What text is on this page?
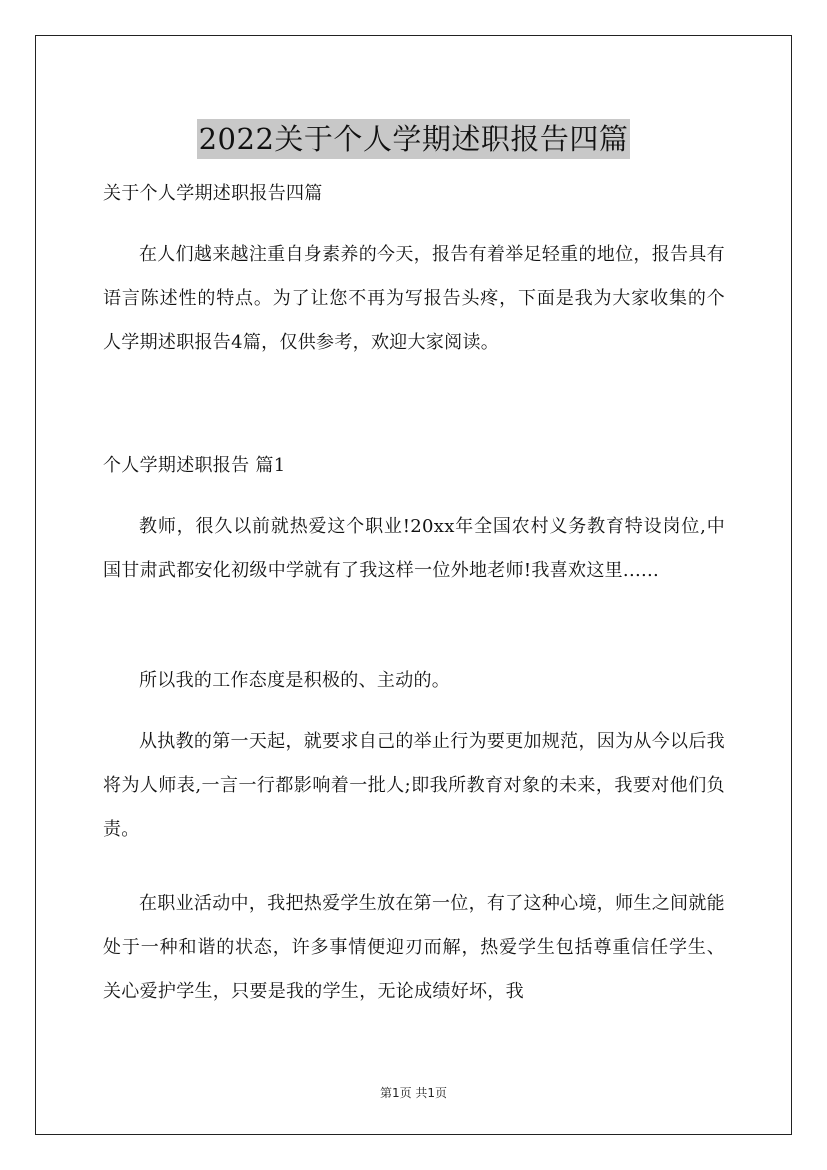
2022关于个人学期述职报告四篇
关于个人学期述职报告四篇

在人们越来越注重自身素养的今天，报告有着举足轻重的地位，报告具有语言陈述性的特点。为了让您不再为写报告头疼，下面是我为大家收集的个人学期述职报告4篇，仅供参考，欢迎大家阅读。

个人学期述职报告 篇1

教师，很久以前就热爱这个职业!20xx年全国农村义务教育特设岗位,中国甘肃武都安化初级中学就有了我这样一位外地老师!我喜欢这里......

所以我的工作态度是积极的、主动的。

从执教的第一天起，就要求自己的举止行为要更加规范，因为从今以后我将为人师表,一言一行都影响着一批人;即我所教育对象的未来，我要对他们负责。

在职业活动中，我把热爱学生放在第一位，有了这种心境，师生之间就能处于一种和谐的状态，许多事情便迎刃而解，热爱学生包括尊重信任学生、关心爱护学生，只要是我的学生，无论成绩好坏，我

第1页 共1页
